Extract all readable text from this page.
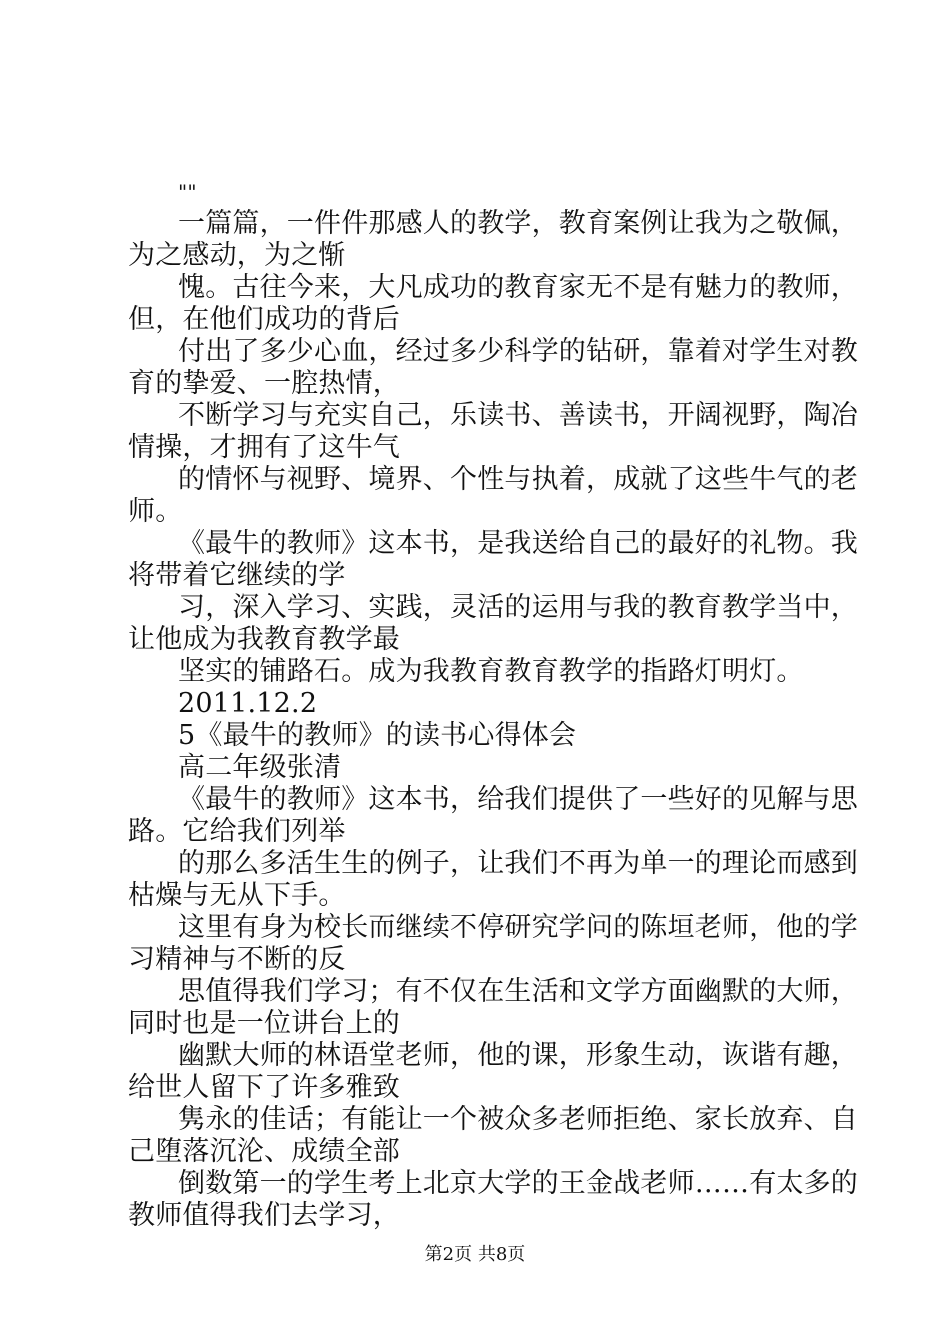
""
一篇篇，一件件那感人的教学，教育案例让我为之敬佩，
为之感动，为之惭
愧。古往今来，大凡成功的教育家无不是有魅力的教师，
但，在他们成功的背后
付出了多少心血，经过多少科学的钻研，靠着对学生对教
育的挚爱、一腔热情，
不断学习与充实自己，乐读书、善读书，开阔视野，陶冶
情操，才拥有了这牛气
的情怀与视野、境界、个性与执着，成就了这些牛气的老
师。
《最牛的教师》这本书，是我送给自己的最好的礼物。我
将带着它继续的学
习，深入学习、实践，灵活的运用与我的教育教学当中，
让他成为我教育教学最
坚实的铺路石。成为我教育教育教学的指路灯明灯。
2011.12.2
5《最牛的教师》的读书心得体会
高二年级张清
《最牛的教师》这本书，给我们提供了一些好的见解与思
路。它给我们列举
的那么多活生生的例子，让我们不再为单一的理论而感到
枯燥与无从下手。
这里有身为校长而继续不停研究学问的陈垣老师，他的学
习精神与不断的反
思值得我们学习；有不仅在生活和文学方面幽默的大师，
同时也是一位讲台上的
幽默大师的林语堂老师，他的课，形象生动，诙谐有趣，
给世人留下了许多雅致
隽永的佳话；有能让一个被众多老师拒绝、家长放弃、自
己堕落沉沦、成绩全部
倒数第一的学生考上北京大学的王金战老师……有太多的
教师值得我们去学习，
第2页 共8页
